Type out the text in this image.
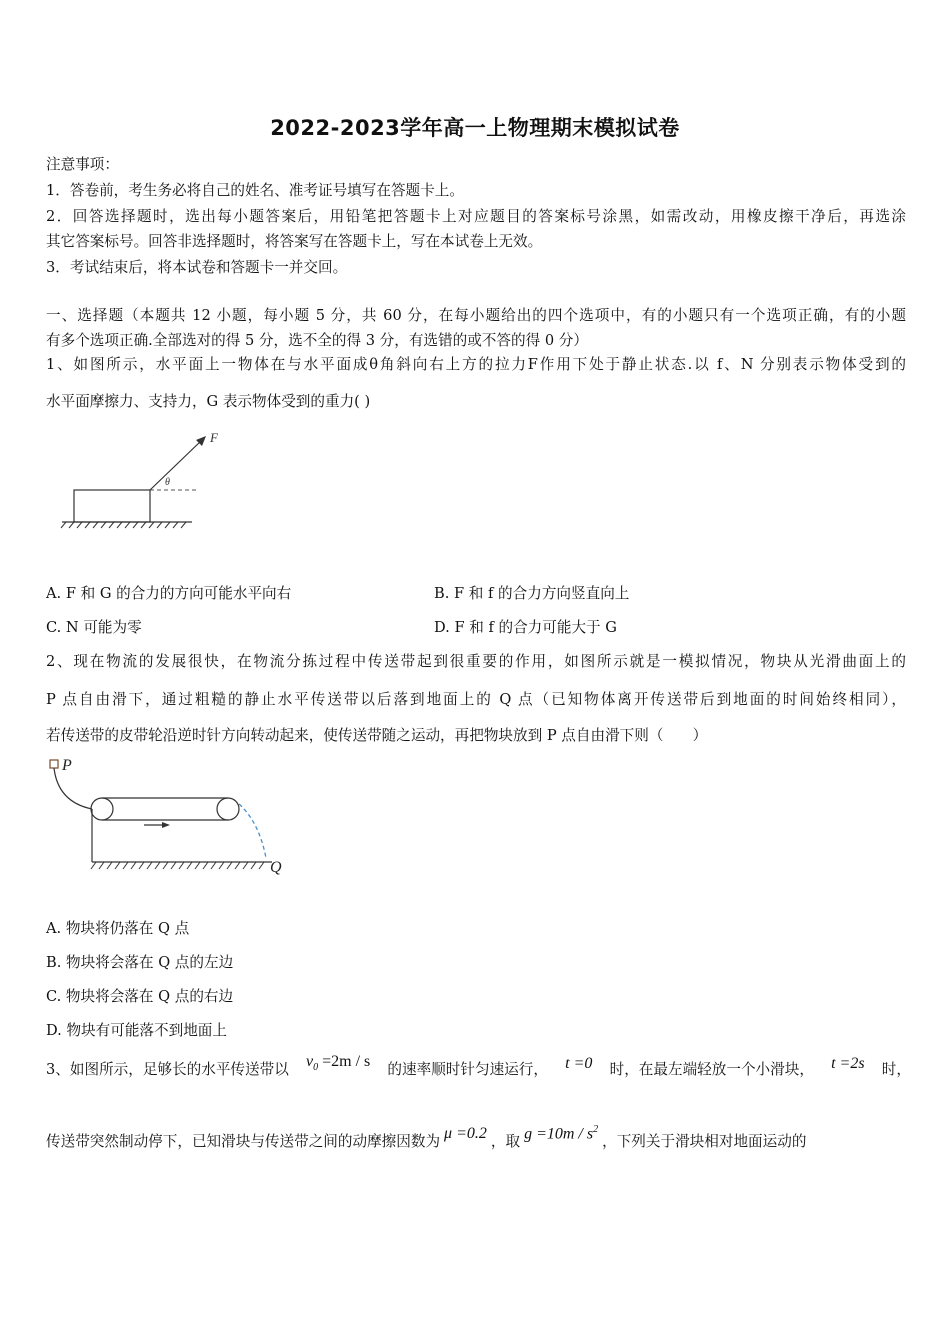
2022-2023学年高一上物理期末模拟试卷
注意事项：
1．答卷前，考生务必将自己的姓名、准考证号填写在答题卡上。
2．回答选择题时，选出每小题答案后，用铅笔把答题卡上对应题目的答案标号涂黑，如需改动，用橡皮擦干净后，再选涂
其它答案标号。回答非选择题时，将答案写在答题卡上，写在本试卷上无效。
3．考试结束后，将本试卷和答题卡一并交回。
一、选择题（本题共 12 小题，每小题 5 分，共 60 分，在每小题给出的四个选项中，有的小题只有一个选项正确，有的小题
有多个选项正确.全部选对的得 5 分，选不全的得 3 分，有选错的或不答的得 0 分）
1、如图所示，水平面上一物体在与水平面成θ角斜向右上方的拉力F作用下处于静止状态.以 f、N 分别表示物体受到的
水平面摩擦力、支持力，G 表示物体受到的重力( )
F
θ
A. F 和 G 的合力的方向可能水平向右	B. F 和 f 的合力方向竖直向上
C. N 可能为零	D. F 和 f 的合力可能大于 G
2、现在物流的发展很快，在物流分拣过程中传送带起到很重要的作用，如图所示就是一模拟情况，物块从光滑曲面上的
P 点自由滑下，通过粗糙的静止水平传送带以后落到地面上的 Q 点（已知物体离开传送带后到地面的时间始终相同），
若传送带的皮带轮沿逆时针方向转动起来，使传送带随之运动，再把物块放到 P 点自由滑下则（　　）
P
Q
A. 物块将仍落在 Q 点
B. 物块将会落在 Q 点的左边
C. 物块将会落在 Q 点的右边
D. 物块有可能落不到地面上
3、如图所示，足够长的水平传送带以 $v_0 =2m / s$ 的速率顺时针匀速运行， t =0 时，在最左端轻放一个小滑块， t =2s 时，
传送带突然制动停下，已知滑块与传送带之间的动摩擦因数为 μ =0.2 ，取 $g =10m / s^2$
，下列关于滑块相对地面运动的
